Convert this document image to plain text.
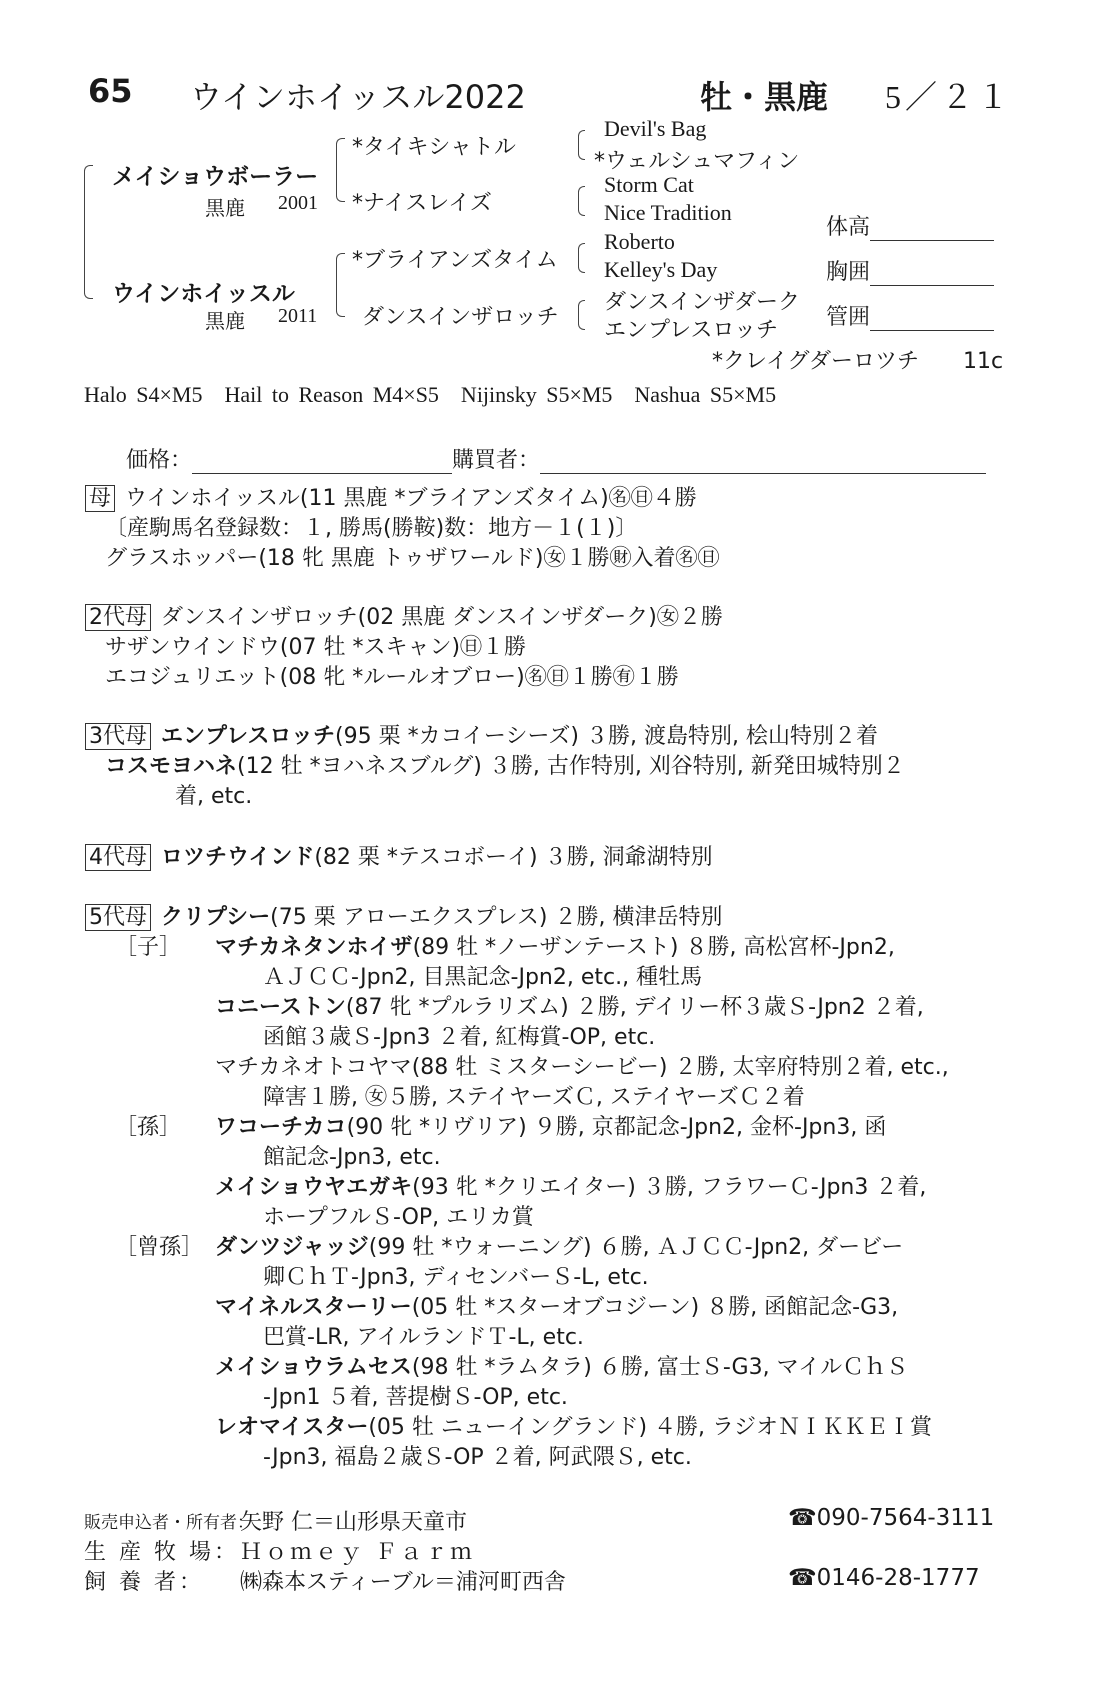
65 ウインホイッスル2022	牡・黒鹿 5／２１
メイショウボーラー
黒鹿 2001
ウインホイッスル
黒鹿 2011
*タイキシャトル
*ナイスレイズ
*ブライアンズタイム
ダンスインザロッチ
Devil's Bag
*ウェルシュマフィン
Storm Cat
Nice Tradition
Roberto
Kelley's Day
ダンスインザダーク
エンプレスロッチ
体高
胸囲
管囲
*クレイグダーロツチ　　11c
Halo S4×M5　Hail to Reason M4×S5　Nijinsky S5×M5　Nashua S5×M5
価格：	購買者：

母 ウインホイッスル(11 黒鹿 *ブライアンズタイム)㊔㊐４勝

〔産駒馬名登録数：１, 勝馬(勝鞍)数：地方－１(１)〕

グラスホッパー(18 牝 黒鹿 トゥザワールド)㊛１勝㊖入着㊔㊐

2代母 ダンスインザロッチ(02 黒鹿 ダンスインザダーク)㊛２勝

サザンウインドウ(07 牡 *スキャン)㊐１勝

エコジュリエット(08 牝 *ルールオブロー)㊔㊐１勝㊒１勝

3代母 エンプレスロッチ(95 栗 *カコイーシーズ) ３勝, 渡島特別, 桧山特別２着

コスモヨハネ(12 牡 *ヨハネスブルグ) ３勝, 古作特別, 刈谷特別, 新発田城特別２

着, etc.

4代母 ロツチウインド(82 栗 *テスコボーイ) ３勝, 洞爺湖特別

5代母 クリプシー(75 栗 アローエクスプレス) ２勝, 横津岳特別

［子］ マチカネタンホイザ(89 牡 *ノーザンテースト) ８勝, 高松宮杯-Jpn2,

ＡＪＣＣ-Jpn2, 目黒記念-Jpn2, etc., 種牡馬

コニーストン(87 牝 *プルラリズム) ２勝, デイリー杯３歳Ｓ-Jpn2 ２着,

函館３歳Ｓ-Jpn3 ２着, 紅梅賞-OP, etc.

マチカネオトコヤマ(88 牡 ミスターシービー) ２勝, 太宰府特別２着, etc.,

障害１勝, ㊛５勝, ステイヤーズＣ, ステイヤーズＣ２着

［孫］ ワコーチカコ(90 牝 *リヴリア) ９勝, 京都記念-Jpn2, 金杯-Jpn3, 函

館記念-Jpn3, etc.

メイショウヤエガキ(93 牝 *クリエイター) ３勝, フラワーＣ-Jpn3 ２着,

ホープフルＳ-OP, エリカ賞

［曾孫］ ダンツジャッジ(99 牡 *ウォーニング) ６勝, ＡＪＣＣ-Jpn2, ダービー

卿ＣｈＴ-Jpn3, ディセンバーＳ-L, etc.

マイネルスターリー(05 牡 *スターオブコジーン) ８勝, 函館記念-G3,

巴賞-LR, アイルランドＴ-L, etc.

メイショウラムセス(98 牡 *ラムタラ) ６勝, 富士Ｓ-G3, マイルＣｈＳ

-Jpn1 ５着, 菩提樹Ｓ-OP, etc.

レオマイスター(05 牡 ニューイングランド) ４勝, ラジオＮＩＫＫＥＩ賞

-Jpn3, 福島２歳Ｓ-OP ２着, 阿武隈Ｓ, etc.

販売申込者・所有者：
矢野 仁＝山形県天童市	☎090-7564-3111
生 産 牧 場： Ｈｏｍｅｙ Ｆａｒｍ
飼 養 者： ㈱森本スティーブル＝浦河町西舎	☎0146-28-1777
